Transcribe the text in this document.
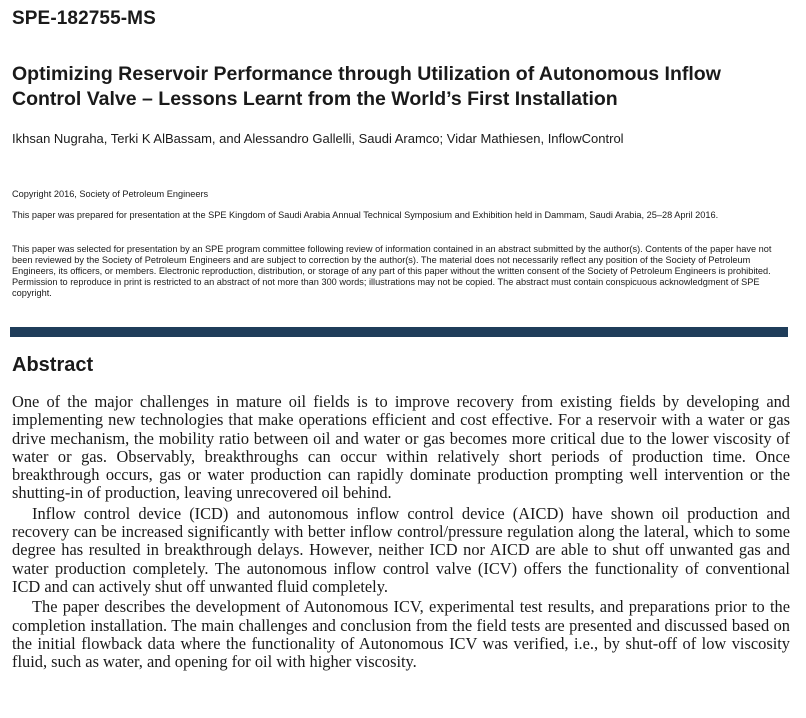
SPE-182755-MS
Optimizing Reservoir Performance through Utilization of Autonomous Inflow Control Valve – Lessons Learnt from the World’s First Installation
Ikhsan Nugraha, Terki K AlBassam, and Alessandro Gallelli, Saudi Aramco; Vidar Mathiesen, InflowControl
Copyright 2016, Society of Petroleum Engineers
This paper was prepared for presentation at the SPE Kingdom of Saudi Arabia Annual Technical Symposium and Exhibition held in Dammam, Saudi Arabia, 25–28 April 2016.
This paper was selected for presentation by an SPE program committee following review of information contained in an abstract submitted by the author(s). Contents of the paper have not been reviewed by the Society of Petroleum Engineers and are subject to correction by the author(s). The material does not necessarily reflect any position of the Society of Petroleum Engineers, its officers, or members. Electronic reproduction, distribution, or storage of any part of this paper without the written consent of the Society of Petroleum Engineers is prohibited. Permission to reproduce in print is restricted to an abstract of not more than 300 words; illustrations may not be copied. The abstract must contain conspicuous acknowledgment of SPE copyright.
Abstract

One of the major challenges in mature oil fields is to improve recovery from existing fields by developing and implementing new technologies that make operations efficient and cost effective. For a reservoir with a water or gas drive mechanism, the mobility ratio between oil and water or gas becomes more critical due to the lower viscosity of water or gas. Observably, breakthroughs can occur within relatively short periods of production time. Once breakthrough occurs, gas or water production can rapidly dominate production prompting well intervention or the shutting-in of production, leaving unrecovered oil behind.

Inflow control device (ICD) and autonomous inflow control device (AICD) have shown oil production and recovery can be increased significantly with better inflow control/pressure regulation along the lateral, which to some degree has resulted in breakthrough delays. However, neither ICD nor AICD are able to shut off unwanted gas and water production completely. The autonomous inflow control valve (ICV) offers the functionality of conventional ICD and can actively shut off unwanted fluid completely.

The paper describes the development of Autonomous ICV, experimental test results, and preparations prior to the completion installation. The main challenges and conclusion from the field tests are presented and discussed based on the initial flowback data where the functionality of Autonomous ICV was verified, i.e., by shut-off of low viscosity fluid, such as water, and opening for oil with higher viscosity.
